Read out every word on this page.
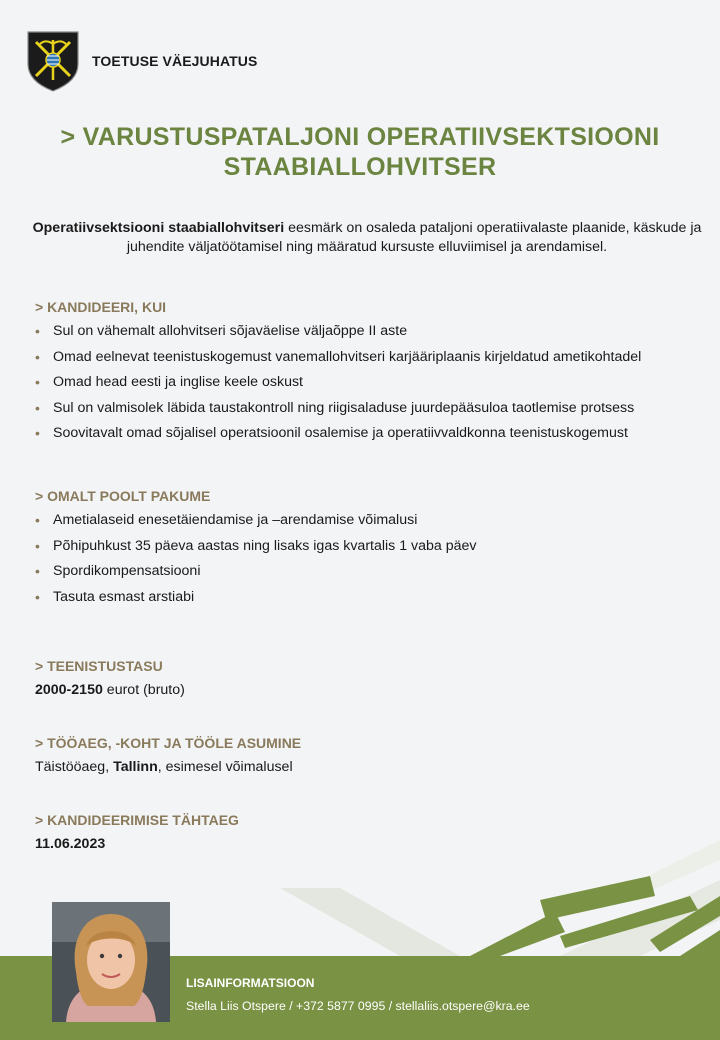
TOETUSE VÄEJUHATUS
> VARUSTUSPATALJONI OPERATIIVSEKTSIOONI
STAABIALLOHVITSER
Operatiivsektsiooni staabiallohvitseri eesmärk on osaleda pataljoni operatiivalaste plaanide, käskude ja juhendite väljatöötamisel ning määratud kursuste elluviimisel ja arendamisel.
> KANDIDEERI, KUI
• Sul on vähemalt allohvitseri sõjaväelise väljaõppe II aste
• Omad eelnevat teenistuskogemust vanemallohvitseri karjääriplaanis kirjeldatud ametikohtadel
• Omad head eesti ja inglise keele oskust
• Sul on valmisolek läbida taustakontroll ning riigisaladuse juurdepääsuloa taotlemise protsess
• Soovitavalt omad sõjalisel operatsioonil osalemise ja operatiivvaldkonna teenistuskogemust
> OMALT POOLT PAKUME
• Ametialaseid enesetäiendamise ja –arendamise võimalusi
• Põhipuhkust 35 päeva aastas ning lisaks igas kvartalis 1 vaba päev
• Spordikompensatsiooni
• Tasuta esmast arstiabi
> TEENISTUSTASU
2000-2150 eurot (bruto)
> TÖÖAEG, -KOHT JA TÖÖLE ASUMINE
Täistööaeg, Tallinn, esimesel võimalusel
> KANDIDEERIMISE TÄHTAEG
11.06.2023
LISAINFORMATSIOON
Stella Liis Otspere / +372 5877 0995 / stellaliis.otspere@kra.ee
